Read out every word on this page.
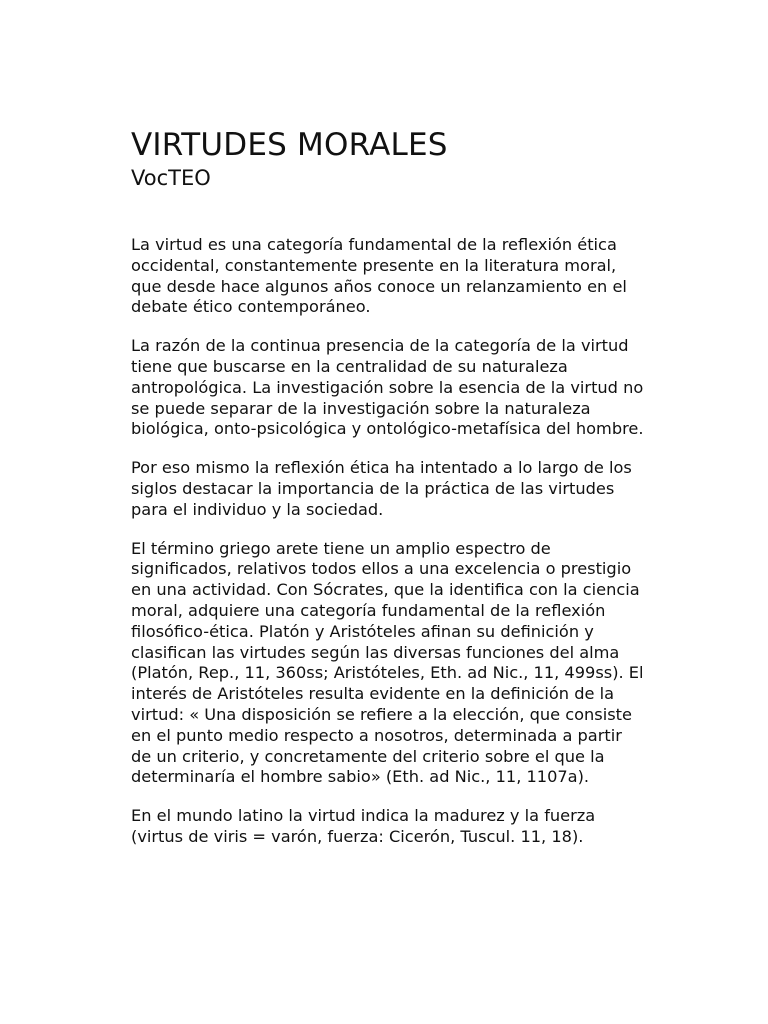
VIRTUDES MORALES
VocTEO

La virtud es una categoría fundamental de la reflexión ética occidental, constantemente presente en la literatura moral, que desde hace algunos años conoce un relanzamiento en el debate ético contemporáneo.

La razón de la continua presencia de la categoría de la virtud tiene que buscarse en la centralidad de su naturaleza antropológica. La investigación sobre la esencia de la virtud no se puede separar de la investigación sobre la naturaleza biológica, onto-psicológica y ontológico-metafísica del hombre.

Por eso mismo la reflexión ética ha intentado a lo largo de los siglos destacar la importancia de la práctica de las virtudes para el individuo y la sociedad.

El término griego arete tiene un amplio espectro de significados, relativos todos ellos a una excelencia o prestigio en una actividad. Con Sócrates, que la identifica con la ciencia moral, adquiere una categoría fundamental de la reflexión filosófico-ética. Platón y Aristóteles afinan su definición y clasifican las virtudes según las diversas funciones del alma (Platón, Rep., 11, 360ss; Aristóteles, Eth. ad Nic., 11, 499ss). El interés de Aristóteles resulta evidente en la definición de la virtud: « Una disposición se refiere a la elección, que consiste en el punto medio respecto a nosotros, determinada a partir de un criterio, y concretamente del criterio sobre el que la determinaría el hombre sabio» (Eth. ad Nic., 11, 1107a).

En el mundo latino la virtud indica la madurez y la fuerza (virtus de viris = varón, fuerza: Cicerón, Tuscul. 11, 18).
